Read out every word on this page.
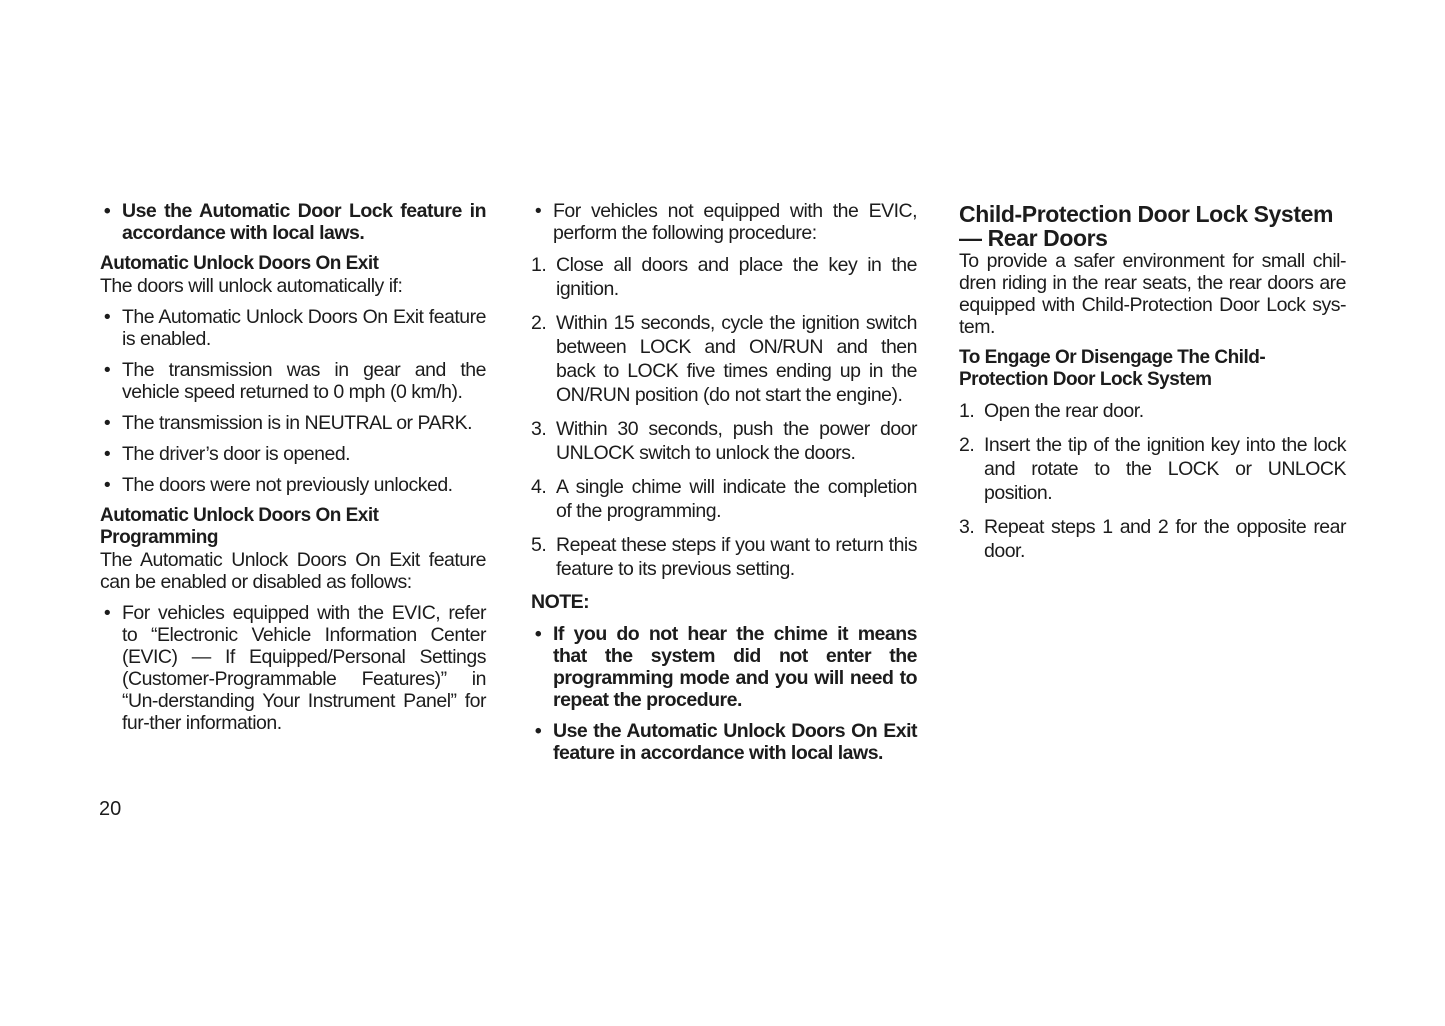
• Use the Automatic Door Lock feature in accordance with local laws.
Automatic Unlock Doors On Exit
The doors will unlock automatically if:
• The Automatic Unlock Doors On Exit feature is enabled.
• The transmission was in gear and the vehicle speed returned to 0 mph (0 km/h).
• The transmission is in NEUTRAL or PARK.
• The driver’s door is opened.
• The doors were not previously unlocked.
Automatic Unlock Doors On Exit Programming
The Automatic Unlock Doors On Exit feature can be enabled or disabled as follows:
• For vehicles equipped with the EVIC, refer to “Electronic Vehicle Information Center (EVIC) — If Equipped/Personal Settings (Customer-Programmable Features)” in “Un-derstanding Your Instrument Panel” for fur-ther information.
• For vehicles not equipped with the EVIC, perform the following procedure:
1. Close all doors and place the key in the ignition.
2. Within 15 seconds, cycle the ignition switch between LOCK and ON/RUN and then back to LOCK five times ending up in the ON/RUN position (do not start the engine).
3. Within 30 seconds, push the power door UNLOCK switch to unlock the doors.
4. A single chime will indicate the completion of the programming.
5. Repeat these steps if you want to return this feature to its previous setting.
NOTE:
• If you do not hear the chime it means that the system did not enter the programming mode and you will need to repeat the procedure.
• Use the Automatic Unlock Doors On Exit feature in accordance with local laws.
Child-Protection Door Lock System
— Rear Doors
To provide a safer environment for small chil-dren riding in the rear seats, the rear doors are equipped with Child-Protection Door Lock sys-tem.
To Engage Or Disengage The Child-Protection Door Lock System
1. Open the rear door.
2. Insert the tip of the ignition key into the lock and rotate to the LOCK or UNLOCK position.
3. Repeat steps 1 and 2 for the opposite rear door.
20
